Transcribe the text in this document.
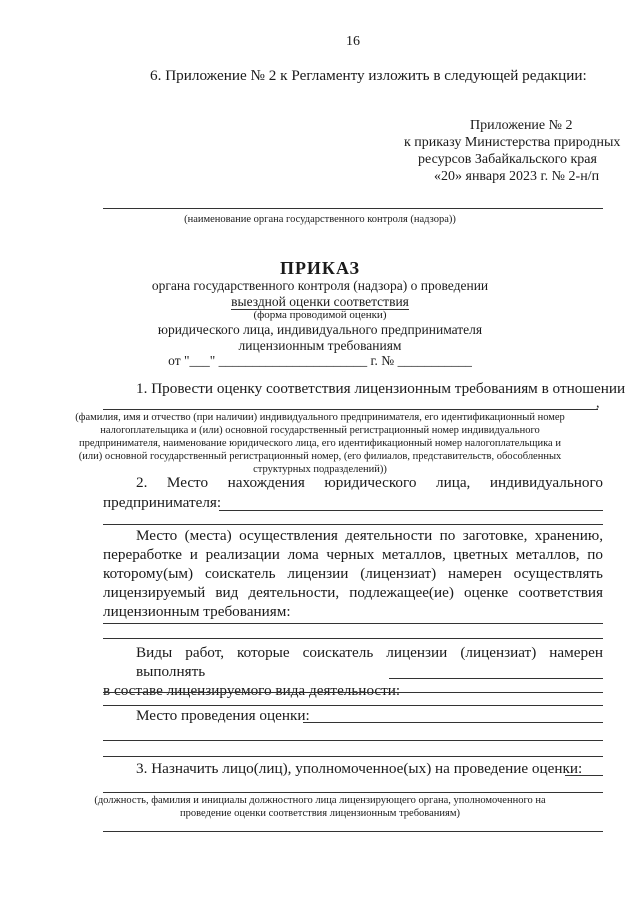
16
6. Приложение № 2 к Регламенту изложить в следующей редакции:
Приложение № 2
к приказу Министерства природных
ресурсов Забайкальского края
«20» января 2023 г. № 2-н/п
(наименование органа государственного контроля (надзора))
ПРИКАЗ
органа государственного контроля (надзора) о проведении
выездной оценки соответствия
(форма проводимой оценки)
юридического лица, индивидуального предпринимателя
лицензионным требованиям
от "___" ______________________ г. № ___________
1. Провести оценку соответствия лицензионным требованиям в отношении
,
(фамилия, имя и отчество (при наличии) индивидуального предпринимателя, его идентификационный номер
налогоплательщика и (или) основной государственный регистрационный номер индивидуального
предпринимателя, наименование юридического лица, его идентификационный номер налогоплательщика и
(или) основной государственный регистрационный номер, (его филиалов, представительств, обособленных
структурных подразделений))
2. Место нахождения юридического лица, индивидуального
предпринимателя:
Место (места) осуществления деятельности по заготовке, хранению,
переработке и реализации лома черных металлов, цветных металлов, по
которому(ым) соискатель лицензии (лицензиат) намерен осуществлять
лицензируемый вид деятельности, подлежащее(ие) оценке соответствия
лицензионным требованиям:
Виды работ, которые соискатель лицензии (лицензиат) намерен выполнять
в составе лицензируемого вида деятельности:
Место проведения оценки:
3. Назначить лицо(лиц), уполномоченное(ых) на проведение оценки:
(должность, фамилия и инициалы должностного лица лицензирующего органа, уполномоченного на
проведение оценки соответствия лицензионным требованиям)
